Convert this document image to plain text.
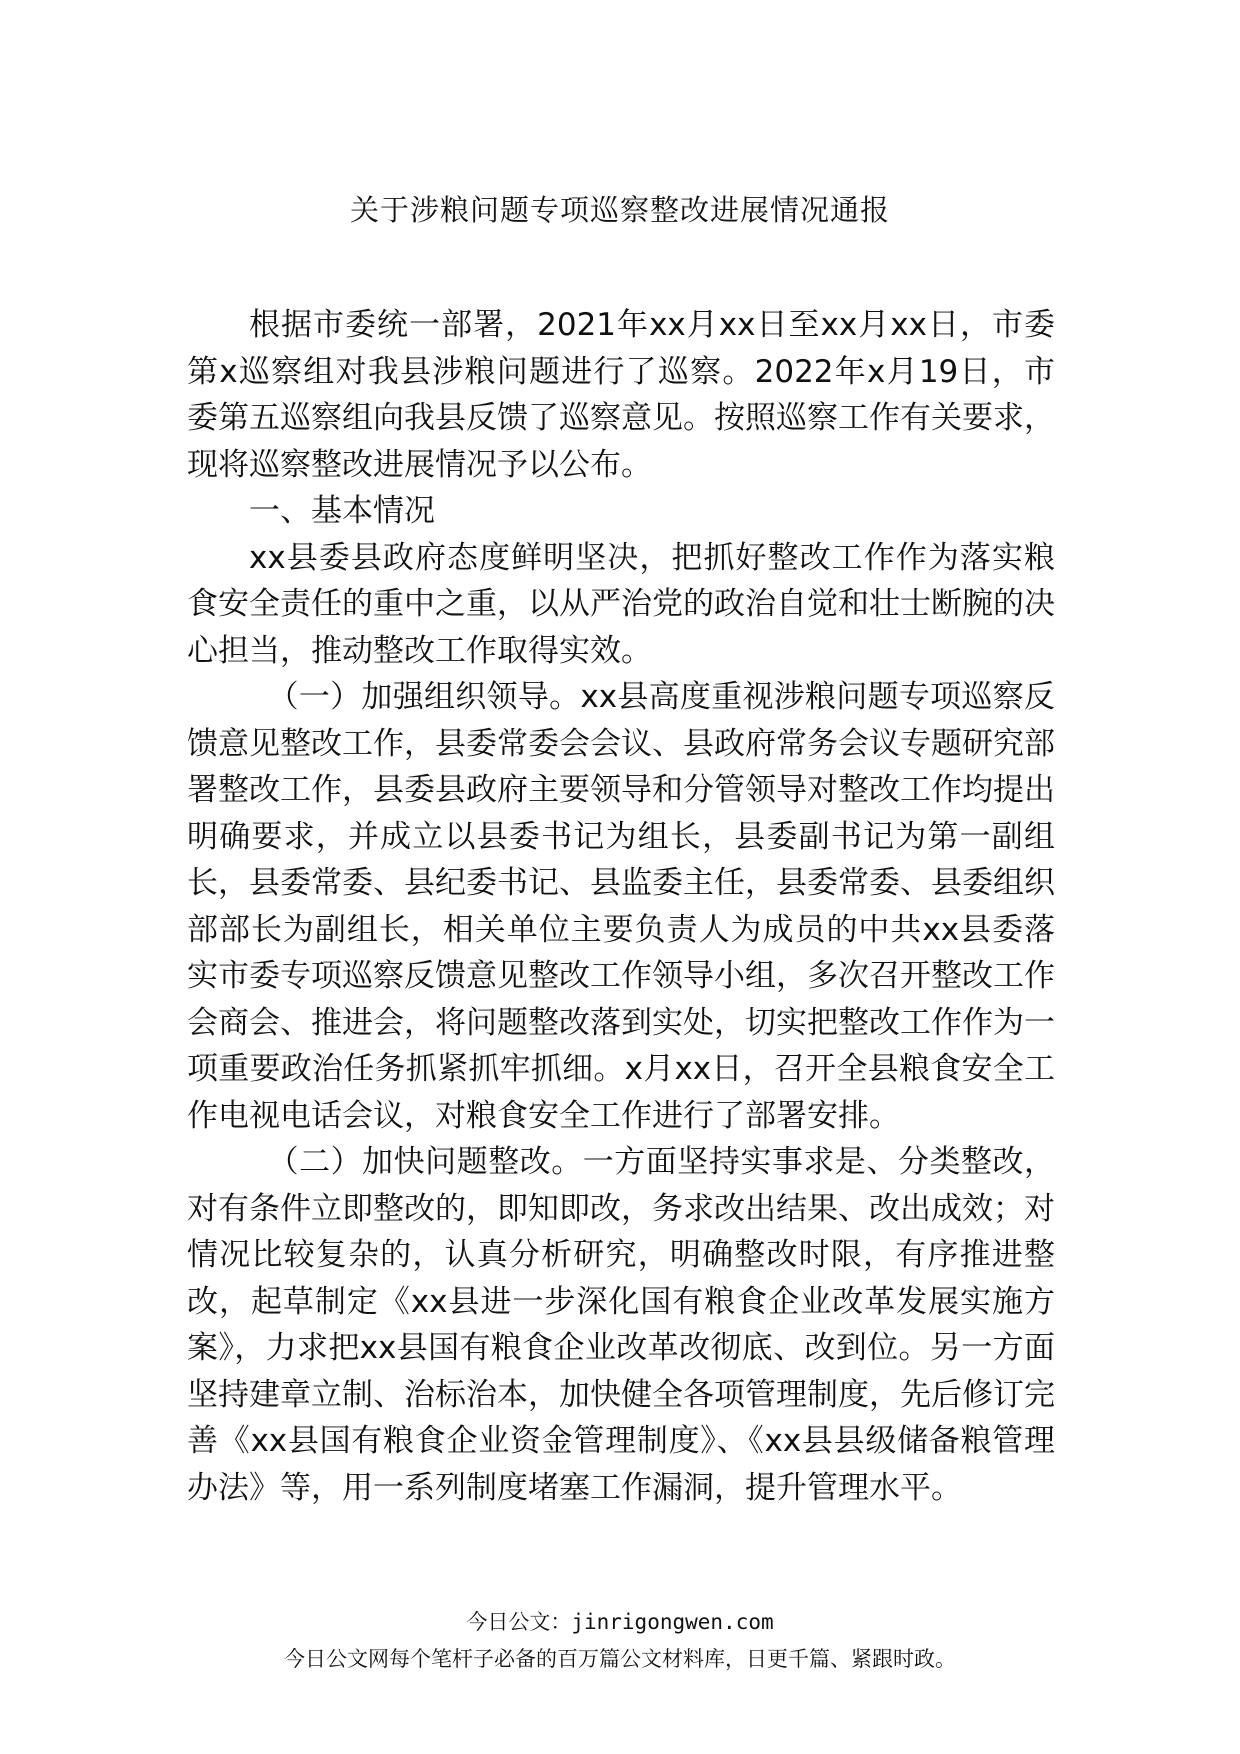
关于涉粮问题专项巡察整改进展情况通报

根据市委统一部署，2021年xx月xx日至xx月xx日，市委第x巡察组对我县涉粮问题进行了巡察。2022年x月19日，市委第五巡察组向我县反馈了巡察意见。按照巡察工作有关要求，现将巡察整改进展情况予以公布。

一、基本情况

xx县委县政府态度鲜明坚决，把抓好整改工作作为落实粮食安全责任的重中之重，以从严治党的政治自觉和壮士断腕的决心担当，推动整改工作取得实效。

（一）加强组织领导。xx县高度重视涉粮问题专项巡察反馈意见整改工作，县委常委会会议、县政府常务会议专题研究部署整改工作，县委县政府主要领导和分管领导对整改工作均提出明确要求，并成立以县委书记为组长，县委副书记为第一副组长，县委常委、县纪委书记、县监委主任，县委常委、县委组织部部长为副组长，相关单位主要负责人为成员的中共xx县委落实市委专项巡察反馈意见整改工作领导小组，多次召开整改工作会商会、推进会，将问题整改落到实处，切实把整改工作作为一项重要政治任务抓紧抓牢抓细。x月xx日，召开全县粮食安全工作电视电话会议，对粮食安全工作进行了部署安排。

（二）加快问题整改。一方面坚持实事求是、分类整改，对有条件立即整改的，即知即改，务求改出结果、改出成效；对情况比较复杂的，认真分析研究，明确整改时限，有序推进整改，起草制定《xx县进一步深化国有粮食企业改革发展实施方案》，力求把xx县国有粮食企业改革改彻底、改到位。另一方面坚持建章立制、治标治本，加快健全各项管理制度，先后修订完善《xx县国有粮食企业资金管理制度》、《xx县县级储备粮管理办法》等，用一系列制度堵塞工作漏洞，提升管理水平。

今日公文：jinrigongwen.com
今日公文网每个笔杆子必备的百万篇公文材料库，日更千篇、紧跟时政。
